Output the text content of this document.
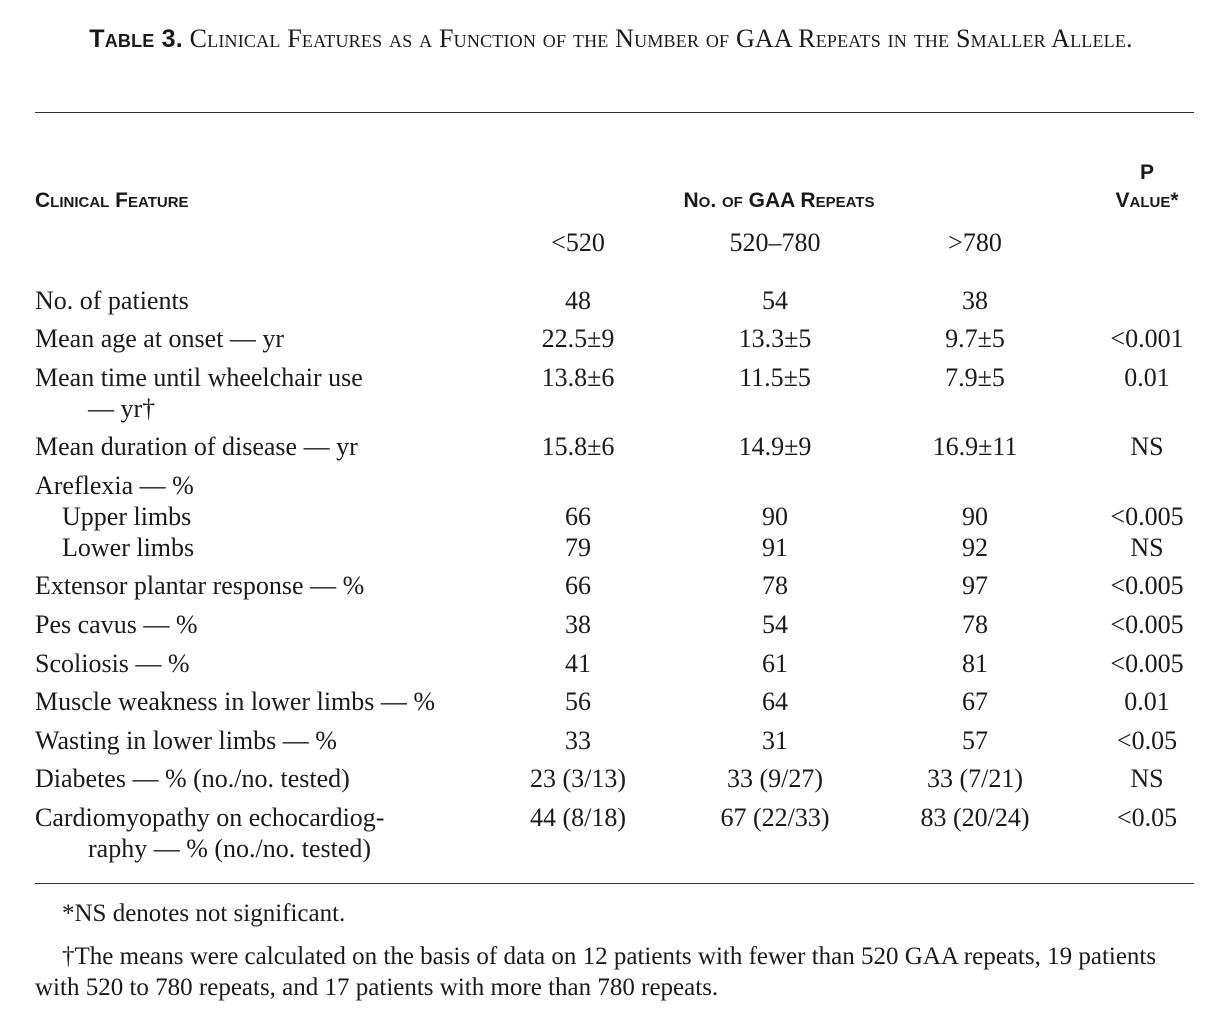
Table 3. Clinical Features as a Function of the Number of GAA Repeats in the Smaller Allele.
Clinical Feature	No. of GAA Repeats
P
Value*
<520	520–780	>780
No. of patients	48	54	38
Mean age at onset — yr	22.5±9	13.3±5	9.7±5	<0.001
Mean time until wheelchair use
— yr†
13.8±6	11.5±5	7.9±5	0.01
Mean duration of disease — yr	15.8±6	14.9±9	16.9±11	NS
Areflexia — %
Upper limbs	66	90	90	<0.005
Lower limbs	79	91	92	NS
Extensor plantar response — %	66	78	97	<0.005
Pes cavus — %	38	54	78	<0.005
Scoliosis — %	41	61	81	<0.005
Muscle weakness in lower limbs — %	56	64	67	0.01
Wasting in lower limbs — %	33	31	57	<0.05
Diabetes — % (no./no. tested)	23 (3/13)	33 (9/27)	33 (7/21)	NS
Cardiomyopathy on echocardiog-
raphy — % (no./no. tested)
44 (8/18)	67 (22/33)	83 (20/24)	<0.05
*NS denotes not significant.
†The means were calculated on the basis of data on 12 patients with fewer than 520 GAA repeats, 19 patients with 520 to 780 repeats, and 17 patients with more than 780 repeats.
